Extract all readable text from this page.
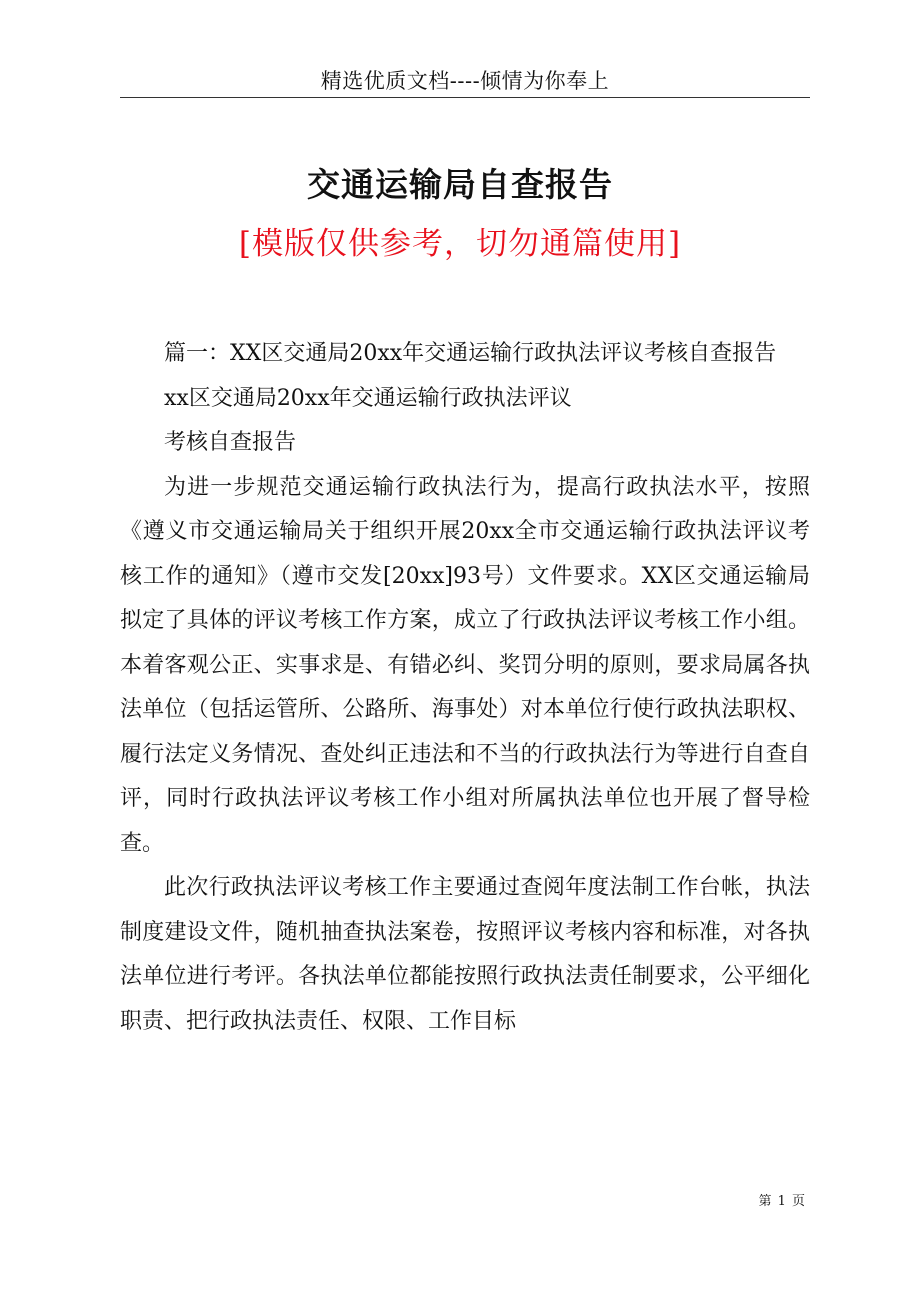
精选优质文档----倾情为你奉上
交通运输局自查报告
[模版仅供参考，切勿通篇使用]

篇一：XX区交通局20xx年交通运输行政执法评议考核自查报告

xx区交通局20xx年交通运输行政执法评议

考核自查报告

为进一步规范交通运输行政执法行为，提高行政执法水平，按照《遵义市交通运输局关于组织开展20xx全市交通运输行政执法评议考核工作的通知》（遵市交发[20xx]93号）文件要求。XX区交通运输局拟定了具体的评议考核工作方案，成立了行政执法评议考核工作小组。本着客观公正、实事求是、有错必纠、奖罚分明的原则，要求局属各执法单位（包括运管所、公路所、海事处）对本单位行使行政执法职权、履行法定义务情况、查处纠正违法和不当的行政执法行为等进行自查自评，同时行政执法评议考核工作小组对所属执法单位也开展了督导检查。

此次行政执法评议考核工作主要通过查阅年度法制工作台帐，执法制度建设文件，随机抽查执法案卷，按照评议考核内容和标准，对各执法单位进行考评。各执法单位都能按照行政执法责任制要求，公平细化职责、把行政执法责任、权限、工作目标

第 1 页
